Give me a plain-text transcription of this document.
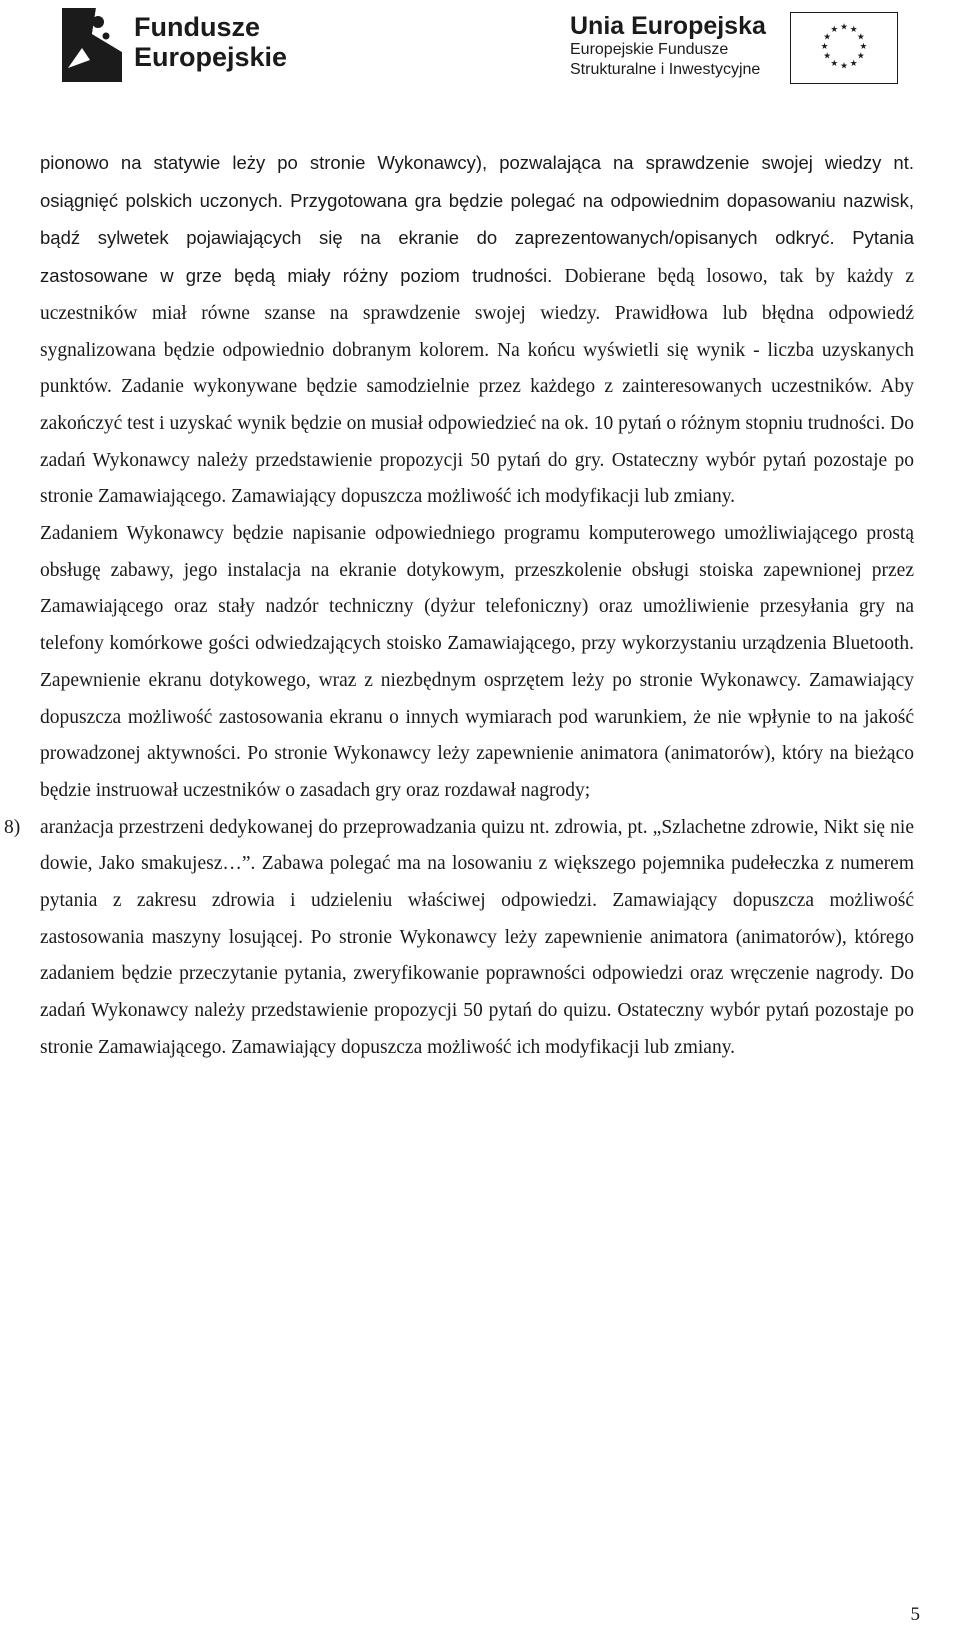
Fundusze
Europejskie
Unia Europejska
Europejskie Fundusze
Strukturalne i Inwestycyjne
★ ★
★
★
★
★
★
★
★
★
★
★

pionowo na statywie leży po stronie Wykonawcy), pozwalająca na sprawdzenie swojej wiedzy nt. osiągnięć polskich uczonych. Przygotowana gra będzie polegać na odpowiednim dopasowaniu nazwisk, bądź sylwetek pojawiających się na ekranie do zaprezentowanych/opisanych odkryć. Pytania zastosowane w grze będą miały różny poziom trudności. Dobierane będą losowo, tak by każdy z uczestników miał równe szanse na sprawdzenie swojej wiedzy. Prawidłowa lub błędna odpowiedź sygnalizowana będzie odpowiednio dobranym kolorem. Na końcu wyświetli się wynik - liczba uzyskanych punktów. Zadanie wykonywane będzie samodzielnie przez każdego z zainteresowanych uczestników. Aby zakończyć test i uzyskać wynik będzie on musiał odpowiedzieć na ok. 10 pytań o różnym stopniu trudności. Do zadań Wykonawcy należy przedstawienie propozycji 50 pytań do gry. Ostateczny wybór pytań pozostaje po stronie Zamawiającego. Zamawiający dopuszcza możliwość ich modyfikacji lub zmiany.

Zadaniem Wykonawcy będzie napisanie odpowiedniego programu komputerowego umożliwiającego prostą obsługę zabawy, jego instalacja na ekranie dotykowym, przeszkolenie obsługi stoiska zapewnionej przez Zamawiającego oraz stały nadzór techniczny (dyżur telefoniczny) oraz umożliwienie przesyłania gry na telefony komórkowe gości odwiedzających stoisko Zamawiającego, przy wykorzystaniu urządzenia Bluetooth. Zapewnienie ekranu dotykowego, wraz z niezbędnym osprzętem leży po stronie Wykonawcy. Zamawiający dopuszcza możliwość zastosowania ekranu o innych wymiarach pod warunkiem, że nie wpłynie to na jakość prowadzonej aktywności. Po stronie Wykonawcy leży zapewnienie animatora (animatorów), który na bieżąco będzie instruował uczestników o zasadach gry oraz rozdawał nagrody;

8) aranżacja przestrzeni dedykowanej do przeprowadzania quizu nt. zdrowia, pt. „Szlachetne zdrowie, Nikt się nie dowie, Jako smakujesz…”. Zabawa polegać ma na losowaniu z większego pojemnika pudełeczka z numerem pytania z zakresu zdrowia i udzieleniu właściwej odpowiedzi. Zamawiający dopuszcza możliwość zastosowania maszyny losującej. Po stronie Wykonawcy leży zapewnienie animatora (animatorów), którego zadaniem będzie przeczytanie pytania, zweryfikowanie poprawności odpowiedzi oraz wręczenie nagrody. Do zadań Wykonawcy należy przedstawienie propozycji 50 pytań do quizu. Ostateczny wybór pytań pozostaje po stronie Zamawiającego. Zamawiający dopuszcza możliwość ich modyfikacji lub zmiany.

5
